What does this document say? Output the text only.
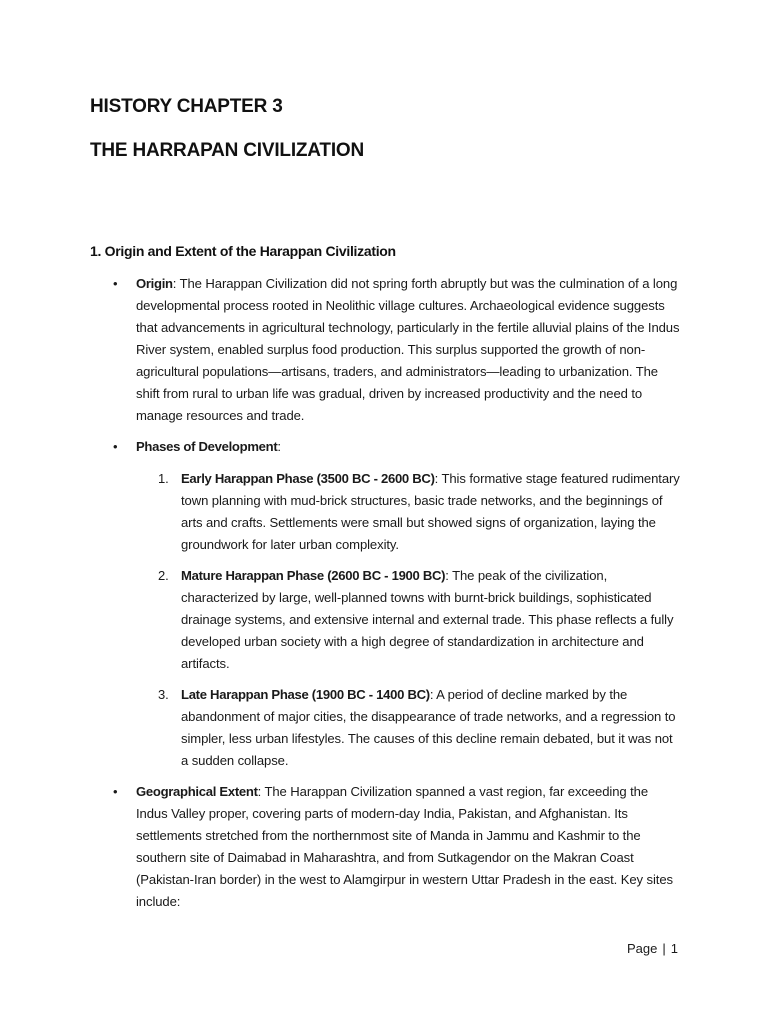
HISTORY CHAPTER 3
THE HARRAPAN CIVILIZATION
1. Origin and Extent of the Harappan Civilization
• Origin: The Harappan Civilization did not spring forth abruptly but was the culmination of a long developmental process rooted in Neolithic village cultures. Archaeological evidence suggests that advancements in agricultural technology, particularly in the fertile alluvial plains of the Indus River system, enabled surplus food production. This surplus supported the growth of non-agricultural populations—artisans, traders, and administrators—leading to urbanization. The shift from rural to urban life was gradual, driven by increased productivity and the need to manage resources and trade.

• Phases of Development:

1. Early Harappan Phase (3500 BC - 2600 BC): This formative stage featured rudimentary town planning with mud-brick structures, basic trade networks, and the beginnings of arts and crafts. Settlements were small but showed signs of organization, laying the groundwork for later urban complexity.

2. Mature Harappan Phase (2600 BC - 1900 BC): The peak of the civilization, characterized by large, well-planned towns with burnt-brick buildings, sophisticated drainage systems, and extensive internal and external trade. This phase reflects a fully developed urban society with a high degree of standardization in architecture and artifacts.

3. Late Harappan Phase (1900 BC - 1400 BC): A period of decline marked by the abandonment of major cities, the disappearance of trade networks, and a regression to simpler, less urban lifestyles. The causes of this decline remain debated, but it was not a sudden collapse.

• Geographical Extent: The Harappan Civilization spanned a vast region, far exceeding the Indus Valley proper, covering parts of modern-day India, Pakistan, and Afghanistan. Its settlements stretched from the northernmost site of Manda in Jammu and Kashmir to the southern site of Daimabad in Maharashtra, and from Sutkagendor on the Makran Coast (Pakistan-Iran border) in the west to Alamgirpur in western Uttar Pradesh in the east. Key sites include:

Page | 1
